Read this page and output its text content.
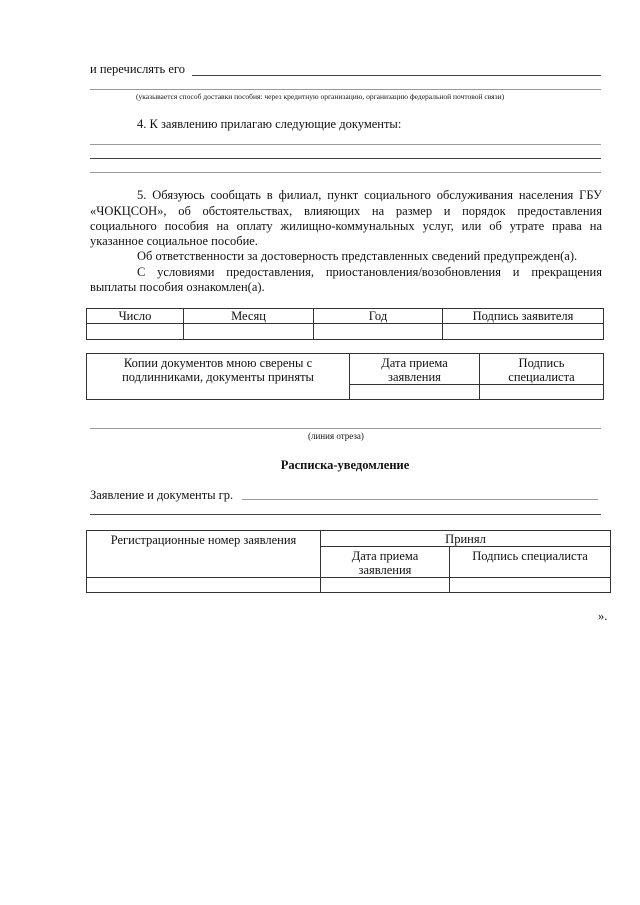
и перечислять его
(указывается способ доставки пособия: через кредитную организацию, организацию федеральной почтовой связи)
4. К заявлению прилагаю следующие документы:
5. Обязуюсь сообщать в филиал, пункт социального обслуживания населения ГБУ
«ЧОКЦСОН», об обстоятельствах, влияющих на размер и порядок предоставления
социального пособия на оплату жилищно-коммунальных услуг, или об утрате права на
указанное социальное пособие.
Об ответственности за достоверность представленных сведений предупрежден(а).
С условиями предоставления, приостановления/возобновления и прекращения
выплаты пособия ознакомлен(а).
Число	Месяц	Год	Подпись заявителя

Копии документов мною сверены с подлинниками, документы приняты	Дата приема заявления	Подпись специалиста

(линия отреза)
Расписка-уведомление
Заявление и документы гр.
Регистрационные номер заявления	Принял	
	Дата приема заявления	Подпись специалиста

».
